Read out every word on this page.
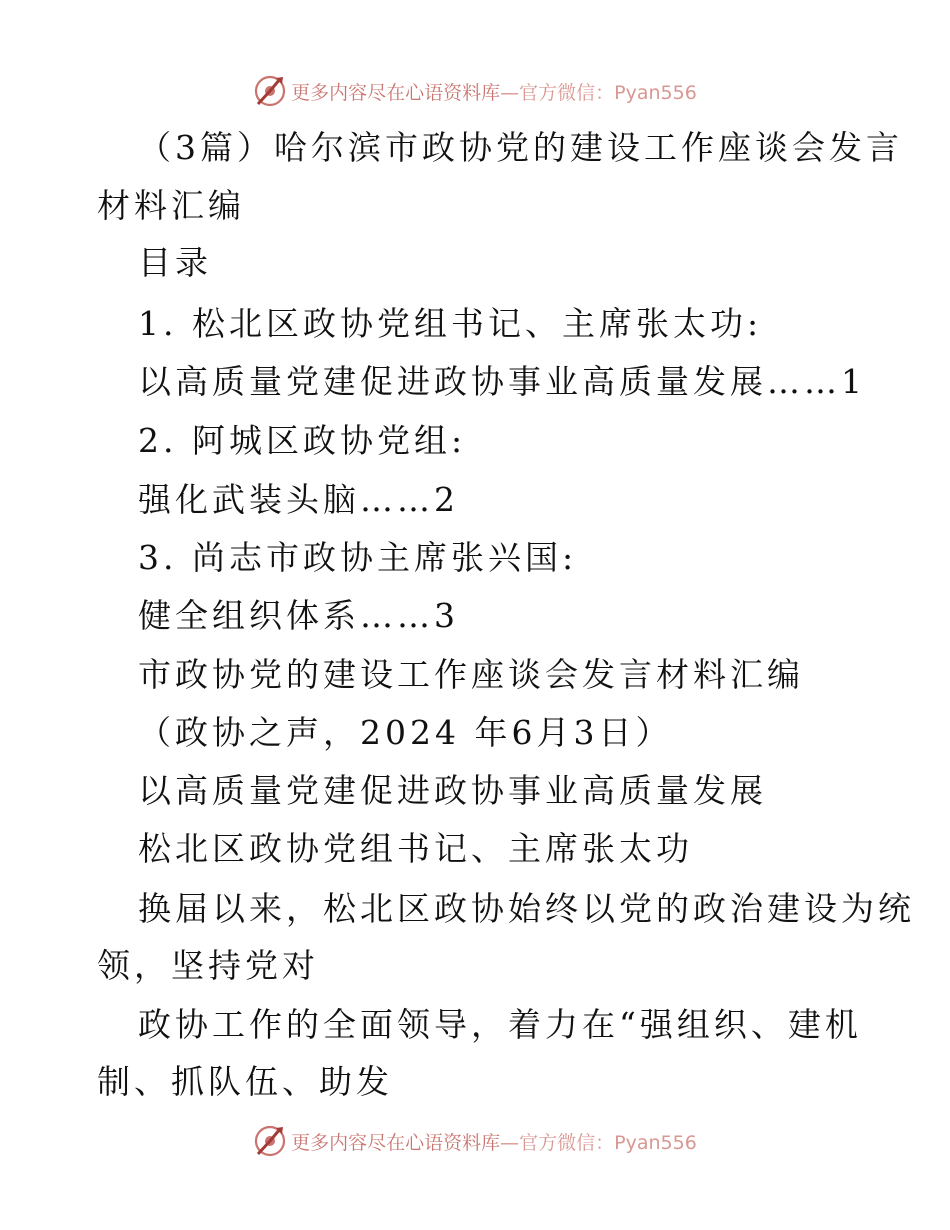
更多内容尽在心语资料库 —官方微信：Pyan556
（3篇）哈尔滨市政协党的建设工作座谈会发言
材料汇编
目录
1. 松北区政协党组书记、主席张太功:
以高质量党建促进政协事业高质量发展……1
2. 阿城区政协党组:
强化武装头脑……2
3. 尚志市政协主席张兴国:
健全组织体系……3
市政协党的建设工作座谈会发言材料汇编
（政协之声，2024 年6月3日）
以高质量党建促进政协事业高质量发展
松北区政协党组书记、主席张太功
换届以来，松北区政协始终以党的政治建设为统
领，坚持党对
政协工作的全面领导，着力在“强组织、建机
制、抓队伍、助发
更多内容尽在心语资料库 —官方微信：Pyan556
